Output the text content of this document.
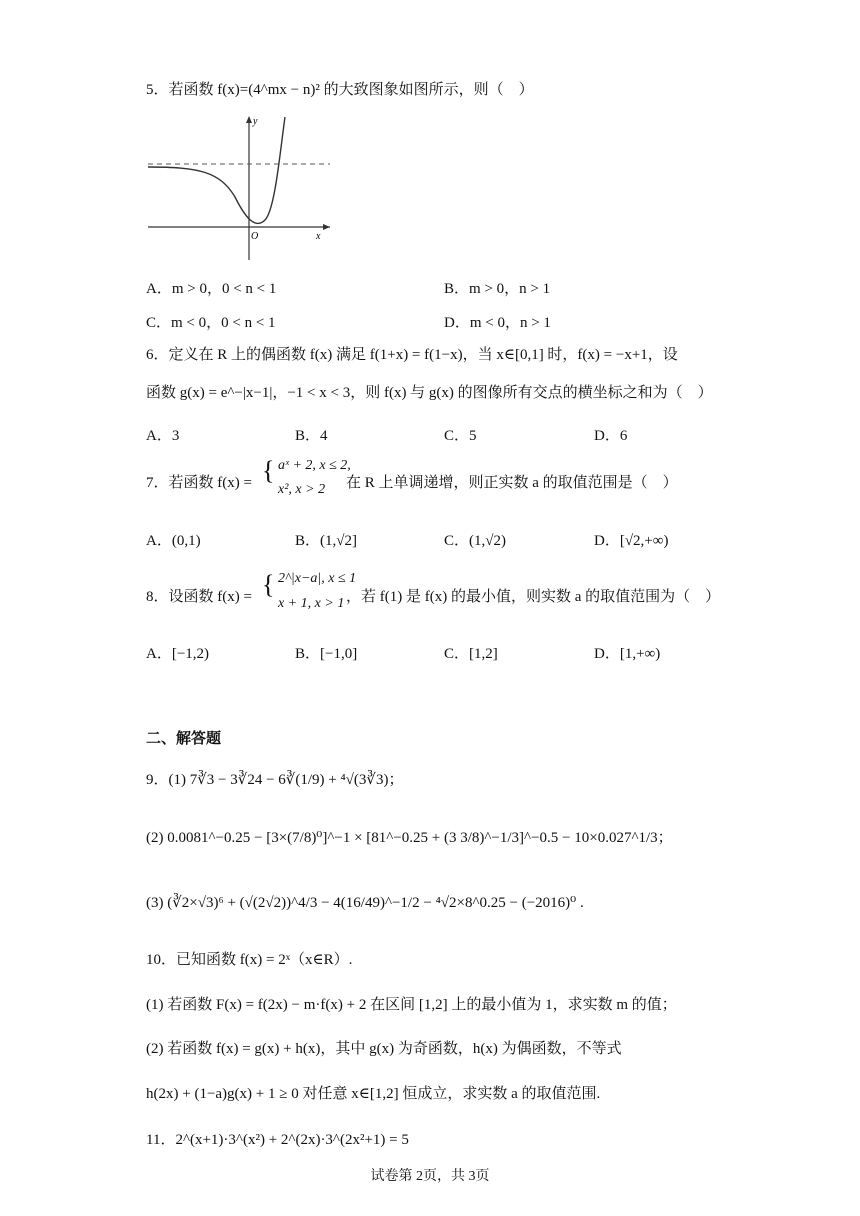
5．若函数 f(x)=(4^mx − n)² 的大致图象如图所示，则（　）
y
x
O
A．m > 0，0 < n < 1	B．m > 0，n > 1
C．m < 0，0 < n < 1	D．m < 0，n > 1
6．定义在 R 上的偶函数 f(x) 满足 f(1+x) = f(1−x)，当 x∈[0,1] 时，f(x) = −x+1，设
函数 g(x) = e^−|x−1|，−1 < x < 3，则 f(x) 与 g(x) 的图像所有交点的横坐标之和为（　）
A．3	B．4	C．5	D．6
7．若函数 f(x) = { aˣ + 2, x ≤ 2,
x², x > 2 在 R 上单调递增，则正实数 a 的取值范围是（　）
A．(0,1)	B．(1,√2]	C．(1,√2)	D．[√2,+∞)
8．设函数 f(x) = { 2^|x−a|, x ≤ 1
x + 1, x > 1 ，若 f(1) 是 f(x) 的最小值，则实数 a 的取值范围为（　）
A．[−1,2)	B．[−1,0]	C．[1,2]	D．[1,+∞)
二、解答题
9．(1) 7∛3 − 3∛24 − 6∛(1/9) + ⁴√(3∛3)；
(2) 0.0081^−0.25 − [3×(7/8)⁰]^−1 × [81^−0.25 + (3 3/8)^−1/3]^−0.5 − 10×0.027^1/3；
(3) (∛2×√3)⁶ + (√(2√2))^4/3 − 4(16/49)^−1/2 − ⁴√2×8^0.25 − (−2016)⁰ .
10．已知函数 f(x) = 2ˣ（x∈R）.
(1) 若函数 F(x) = f(2x) − m·f(x) + 2 在区间 [1,2] 上的最小值为 1，求实数 m 的值；
(2) 若函数 f(x) = g(x) + h(x)，其中 g(x) 为奇函数，h(x) 为偶函数，不等式
h(2x) + (1−a)g(x) + 1 ≥ 0 对任意 x∈[1,2] 恒成立，求实数 a 的取值范围.
11．2^(x+1)·3^(x²) + 2^(2x)·3^(2x²+1) = 5
试卷第 2页，共 3页
